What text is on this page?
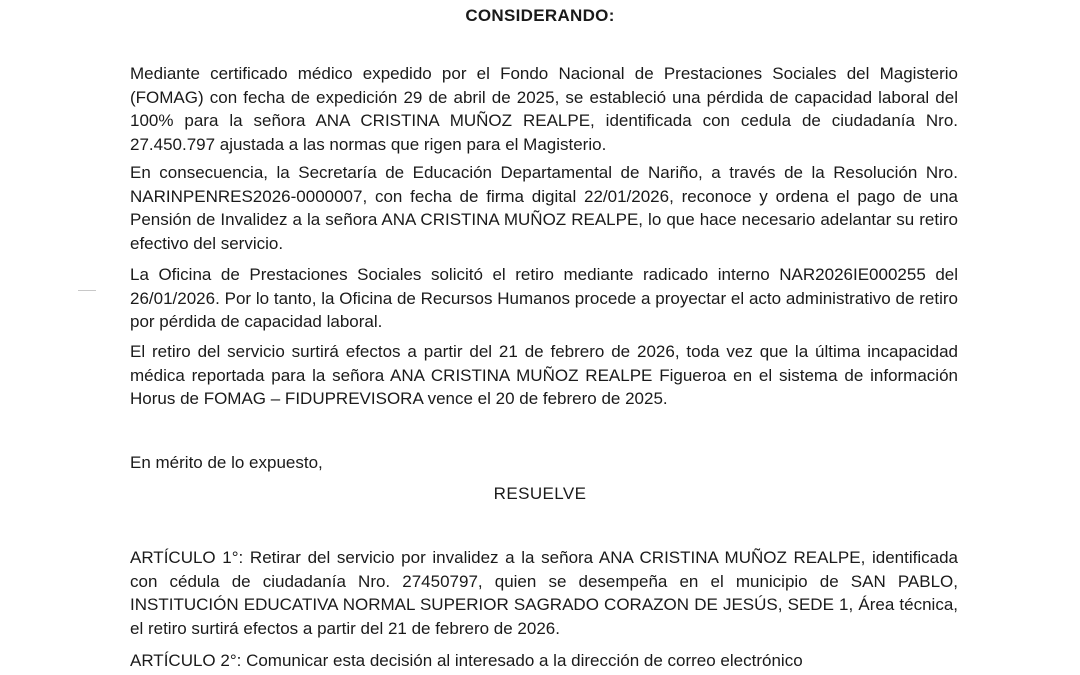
CONSIDERANDO:
Mediante certificado médico expedido por el Fondo Nacional de Prestaciones Sociales del Magisterio (FOMAG) con fecha de expedición 29 de abril de 2025, se estableció una pérdida de capacidad laboral del 100% para la señora ANA CRISTINA MUÑOZ REALPE, identificada con cedula de ciudadanía Nro. 27.450.797 ajustada a las normas que rigen para el Magisterio.
En consecuencia, la Secretaría de Educación Departamental de Nariño, a través de la Resolución Nro. NARINPENRES2026-0000007, con fecha de firma digital 22/01/2026, reconoce y ordena el pago de una Pensión de Invalidez a la señora ANA CRISTINA MUÑOZ REALPE, lo que hace necesario adelantar su retiro efectivo del servicio.
La Oficina de Prestaciones Sociales solicitó el retiro mediante radicado interno NAR2026IE000255 del 26/01/2026. Por lo tanto, la Oficina de Recursos Humanos procede a proyectar el acto administrativo de retiro por pérdida de capacidad laboral.
El retiro del servicio surtirá efectos a partir del 21 de febrero de 2026, toda vez que la última incapacidad médica reportada para la señora ANA CRISTINA MUÑOZ REALPE Figueroa en el sistema de información Horus de FOMAG – FIDUPREVISORA vence el 20 de febrero de 2025.
En mérito de lo expuesto,
RESUELVE
ARTÍCULO 1°: Retirar del servicio por invalidez a la señora ANA CRISTINA MUÑOZ REALPE, identificada con cédula de ciudadanía Nro. 27450797, quien se desempeña en el municipio de SAN PABLO, INSTITUCIÓN EDUCATIVA NORMAL SUPERIOR SAGRADO CORAZON DE JESÚS, SEDE 1, Área técnica, el retiro surtirá efectos a partir del 21 de febrero de 2026.
ARTÍCULO 2°: Comunicar esta decisión al interesado a la dirección de correo electrónico
